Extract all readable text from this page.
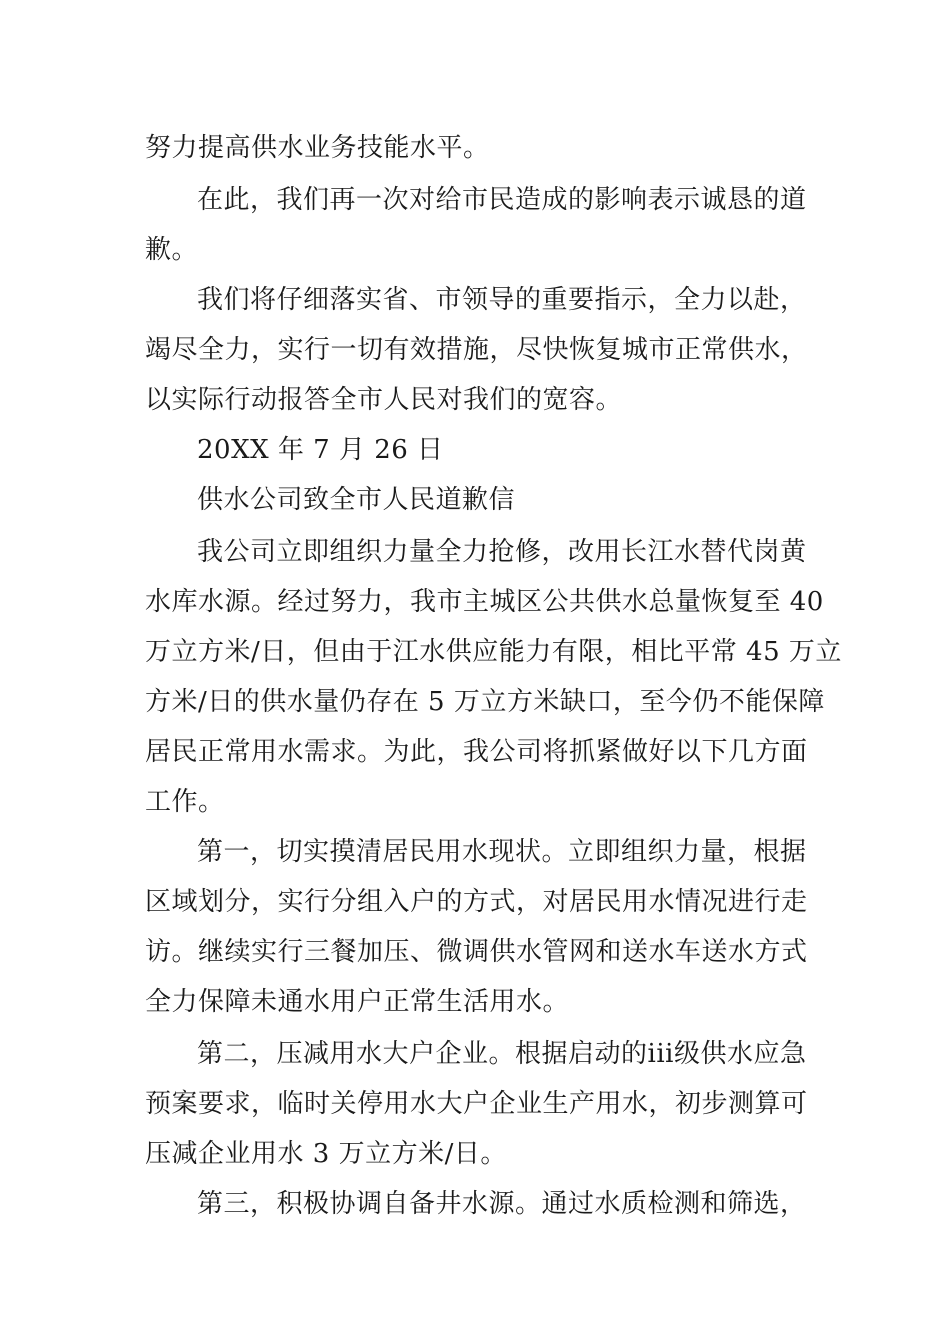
努力提高供水业务技能水平。
在此，我们再一次对给市民造成的影响表示诚恳的道
歉。
我们将仔细落实省、市领导的重要指示，全力以赴，
竭尽全力，实行一切有效措施，尽快恢复城市正常供水，
以实际行动报答全市人民对我们的宽容。
20XX 年 7 月 26 日
供水公司致全市人民道歉信
我公司立即组织力量全力抢修，改用长江水替代岗黄
水库水源。经过努力，我市主城区公共供水总量恢复至 40
万立方米/日，但由于江水供应能力有限，相比平常 45 万立
方米/日的供水量仍存在 5 万立方米缺口，至今仍不能保障
居民正常用水需求。为此，我公司将抓紧做好以下几方面
工作。
第一，切实摸清居民用水现状。立即组织力量，根据
区域划分，实行分组入户的方式，对居民用水情况进行走
访。继续实行三餐加压、微调供水管网和送水车送水方式
全力保障未通水用户正常生活用水。
第二，压减用水大户企业。根据启动的iii级供水应急
预案要求，临时关停用水大户企业生产用水，初步测算可
压减企业用水 3 万立方米/日。
第三，积极协调自备井水源。通过水质检测和筛选，
